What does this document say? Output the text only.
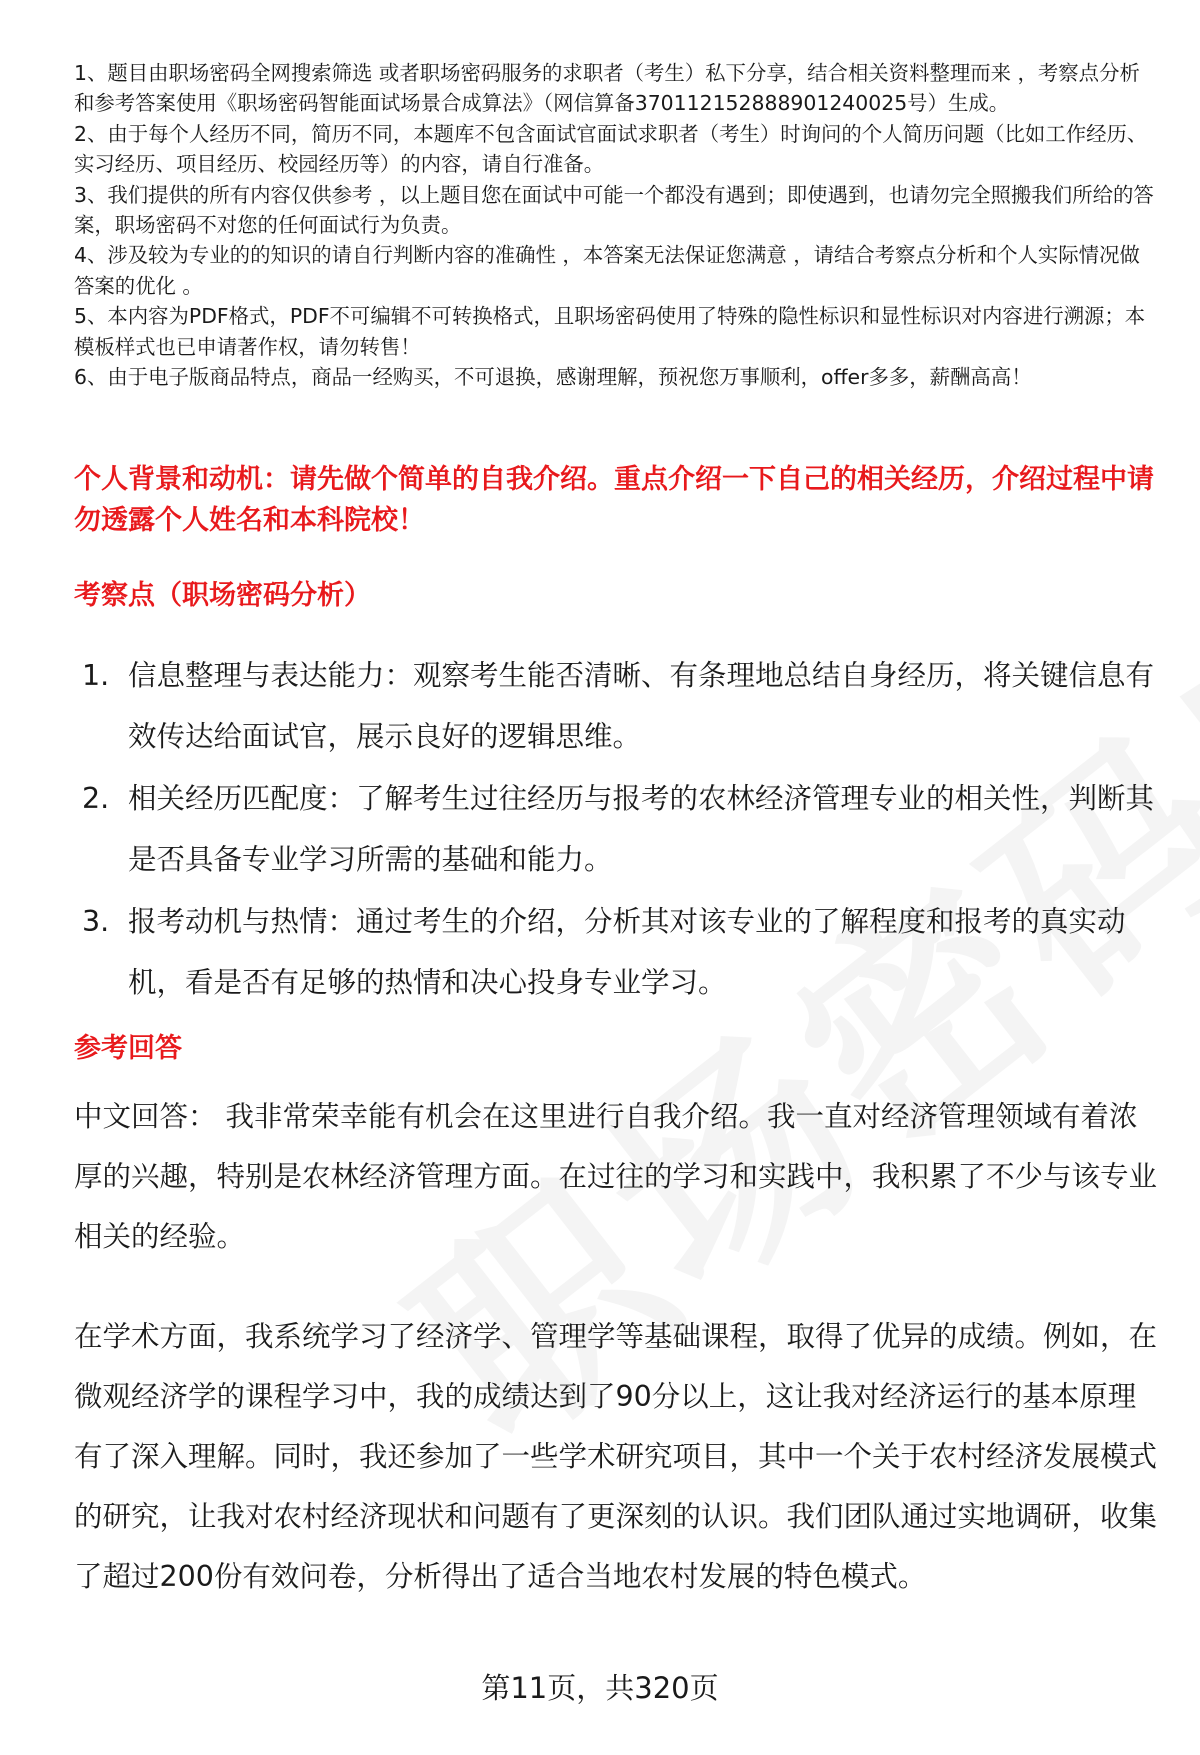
1、题目由职场密码全网搜索筛选 或者职场密码服务的求职者（考生）私下分享，结合相关资料整理而来 ，考察点分析和参考答案使用《职场密码智能面试场景合成算法》（网信算备370112152888901240025号）生成。

2、由于每个人经历不同，简历不同，本题库不包含面试官面试求职者（考生）时询问的个人简历问题（比如工作经历、实习经历、项目经历、校园经历等）的内容，请自行准备。

3、我们提供的所有内容仅供参考 ，以上题目您在面试中可能一个都没有遇到；即使遇到，也请勿完全照搬我们所给的答案，职场密码不对您的任何面试行为负责。

4、涉及较为专业的的知识的请自行判断内容的准确性 ，本答案无法保证您满意 ，请结合考察点分析和个人实际情况做答案的优化 。

5、本内容为PDF格式，PDF不可编辑不可转换格式，且职场密码使用了特殊的隐性标识和显性标识对内容进行溯源；本模板样式也已申请著作权，请勿转售！

6、由于电子版商品特点，商品一经购买，不可退换，感谢理解，预祝您万事顺利，offer多多，薪酬高高！

个人背景和动机：请先做个简单的自我介绍。重点介绍一下自己的相关经历，介绍过程中请勿透露个人姓名和本科院校！
考察点（职场密码分析）
1. 信息整理与表达能力：观察考生能否清晰、有条理地总结自身经历，将关键信息有效传达给面试官，展示良好的逻辑思维。
2. 相关经历匹配度：了解考生过往经历与报考的农林经济管理专业的相关性，判断其是否具备专业学习所需的基础和能力。
3. 报考动机与热情：通过考生的介绍，分析其对该专业的了解程度和报考的真实动机，看是否有足够的热情和决心投身专业学习。
参考回答

中文回答： 我非常荣幸能有机会在这里进行自我介绍。我一直对经济管理领域有着浓厚的兴趣，特别是农林经济管理方面。在过往的学习和实践中，我积累了不少与该专业相关的经验。

在学术方面，我系统学习了经济学、管理学等基础课程，取得了优异的成绩。例如，在微观经济学的课程学习中，我的成绩达到了90分以上，这让我对经济运行的基本原理有了深入理解。同时，我还参加了一些学术研究项目，其中一个关于农村经济发展模式的研究，让我对农村经济现状和问题有了更深刻的认识。我们团队通过实地调研，收集了超过200份有效问卷，分析得出了适合当地农村发展的特色模式。

第11页，共320页
